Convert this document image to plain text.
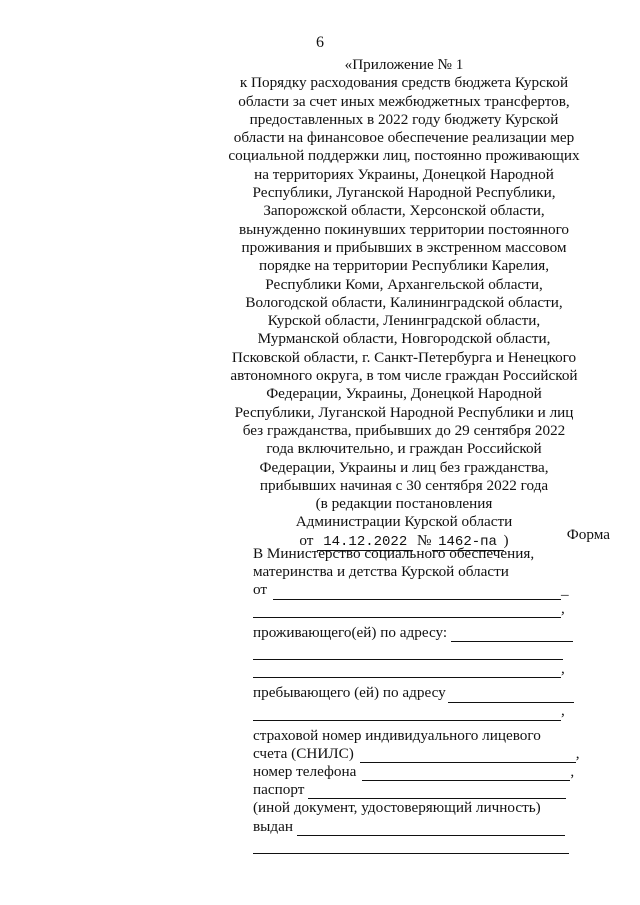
6
«Приложение № 1
к Порядку расходования средств бюджета Курской
области за счет иных межбюджетных трансфертов,
предоставленных в 2022 году бюджету Курской
области на финансовое обеспечение реализации мер
социальной поддержки лиц, постоянно проживающих
на территориях Украины, Донецкой Народной
Республики, Луганской Народной Республики,
Запорожской области, Херсонской области,
вынужденно покинувших территории постоянного
проживания и прибывших в экстренном массовом
порядке на территории Республики Карелия,
Республики Коми, Архангельской области,
Вологодской области, Калининградской области,
Курской области, Ленинградской области,
Мурманской области, Новгородской области,
Псковской области, г. Санкт-Петербурга и Ненецкого
автономного округа, в том числе граждан Российской
Федерации, Украины, Донецкой Народной
Республики, Луганской Народной Республики и лиц
без гражданства, прибывших до 29 сентября 2022
года включительно, и граждан Российской
Федерации, Украины и лиц без гражданства,
прибывших начиная с 30 сентября 2022 года
(в редакции постановления
Администрации Курской области
от 14.12.2022 № 1462-па )	Форма
В Министерство социального обеспечения,
материнства и детства Курской области
от	_
,
проживающего(ей) по адресу:
,
пребывающего (ей) по адресу
,
страховой номер индивидуального лицевого
счета (СНИЛС)	,
номер телефона	,
паспорт
(иной документ, удостоверяющий личность)
выдан
